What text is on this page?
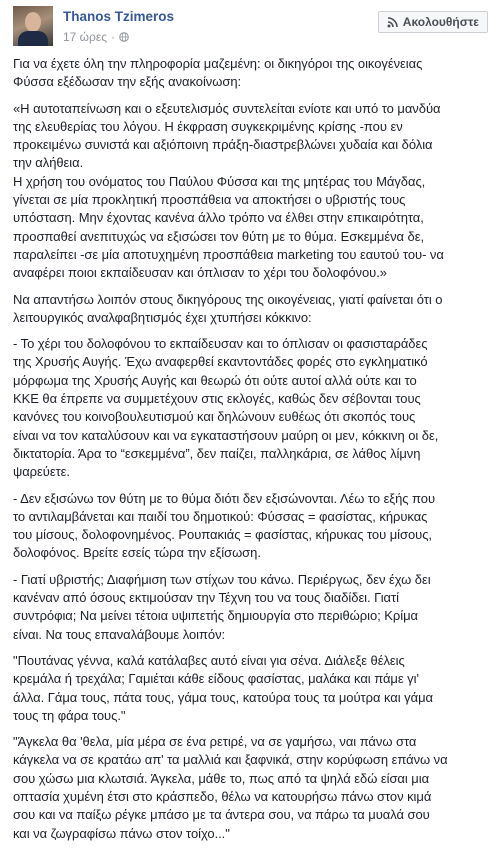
Thanos Tzimeros
17 ώρες ·
Ακολουθήστε

Για να έχετε όλη την πληροφορία μαζεμένη: οι δικηγόροι της οικογένειας
Φύσσα εξέδωσαν την εξής ανακοίνωση:

«Η αυτοταπείνωση και ο εξευτελισμός συντελείται ενίοτε και υπό το μανδύα
της ελευθερίας του λόγου. Η έκφραση συγκεκριμένης κρίσης -που εν
προκειμένω συνιστά και αξιόποινη πράξη-διαστρεβλώνει χυδαία και δόλια
την αλήθεια.
Η χρήση του ονόματος του Παύλου Φύσσα και της μητέρας του Μάγδας,
γίνεται σε μία προκλητική προσπάθεια να αποκτήσει ο υβριστής τους
υπόσταση. Μην έχοντας κανένα άλλο τρόπο να έλθει στην επικαιρότητα,
προσπαθεί ανεπιτυχώς να εξισώσει τον θύτη με το θύμα. Εσκεμμένα δε,
παραλείπει -σε μία αποτυχημένη προσπάθεια marketing του εαυτού του- να
αναφέρει ποιοι εκπαίδευσαν και όπλισαν το χέρι του δολοφόνου.»

Να απαντήσω λοιπόν στους δικηγόρους της οικογένειας, γιατί φαίνεται ότι ο
λειτουργικός αναλφαβητισμός έχει χτυπήσει κόκκινο:

- Το χέρι του δολοφόνου το εκπαίδευσαν και το όπλισαν οι φασισταράδες
της Χρυσής Αυγής. Έχω αναφερθεί εκαντοντάδες φορές στο εγκληματικό
μόρφωμα της Χρυσής Αυγής και θεωρώ ότι ούτε αυτοί αλλά ούτε και το
ΚΚΕ θα έπρεπε να συμμετέχουν στις εκλογές, καθώς δεν σέβονται τους
κανόνες του κοινοβουλευτισμού και δηλώνουν ευθέως ότι σκοπός τους
είναι να τον καταλύσουν και να εγκαταστήσουν μαύρη οι μεν, κόκκινη οι δε,
δικτατορία. Άρα το “εσκεμμένα”, δεν παίζει, παλληκάρια, σε λάθος λίμνη
ψαρεύετε.

- Δεν εξισώνω τον θύτη με το θύμα διότι δεν εξισώνονται. Λέω το εξής που
το αντιλαμβάνεται και παιδί του δημοτικού: Φύσσας = φασίστας, κήρυκας
του μίσους, δολοφονημένος. Ρουπακιάς = φασίστας, κήρυκας του μίσους,
δολοφόνος. Βρείτε εσείς τώρα την εξίσωση.

- Γιατί υβριστής; Διαφήμιση των στίχων του κάνω. Περιέργως, δεν έχω δει
κανέναν από όσους εκτιμούσαν την Τέχνη του να τους διαδίδει. Γιατί
συντρόφια; Να μείνει τέτοια υψιπετής δημιουργία στο περιθώριο; Κρίμα
είναι. Να τους επαναλάβουμε λοιπόν:

"Πουτάνας γέννα, καλά κατάλαβες αυτό είναι για σένα. Διάλεξε θέλεις
κρεμάλα ή τρεχάλα; Γαμιέται κάθε είδους φασίστας, μαλάκα και πάμε γι'
άλλα. Γάμα τους, πάτα τους, γάμα τους, κατούρα τους τα μούτρα και γάμα
τους τη φάρα τους."

"Άγκελα θα 'θελα, μία μέρα σε ένα ρετιρέ, να σε γαμήσω, ναι πάνω στα
κάγκελα να σε κρατάω απ' τα μαλλιά και ξαφνικά, στην κορύφωση επάνω να
σου χώσω μια κλωτσιά. Άγκελα, μάθε το, πως από τα ψηλά εδώ είσαι μια
οπτασία χυμένη έτσι στο κράσπεδο, θέλω να κατουρήσω πάνω στον κιμά
σου και να παίξω ρέγκε μπάσο με τα άντερα σου, να πάρω τα μυαλά σου
και να ζωγραφίσω πάνω στον τοίχο..."
